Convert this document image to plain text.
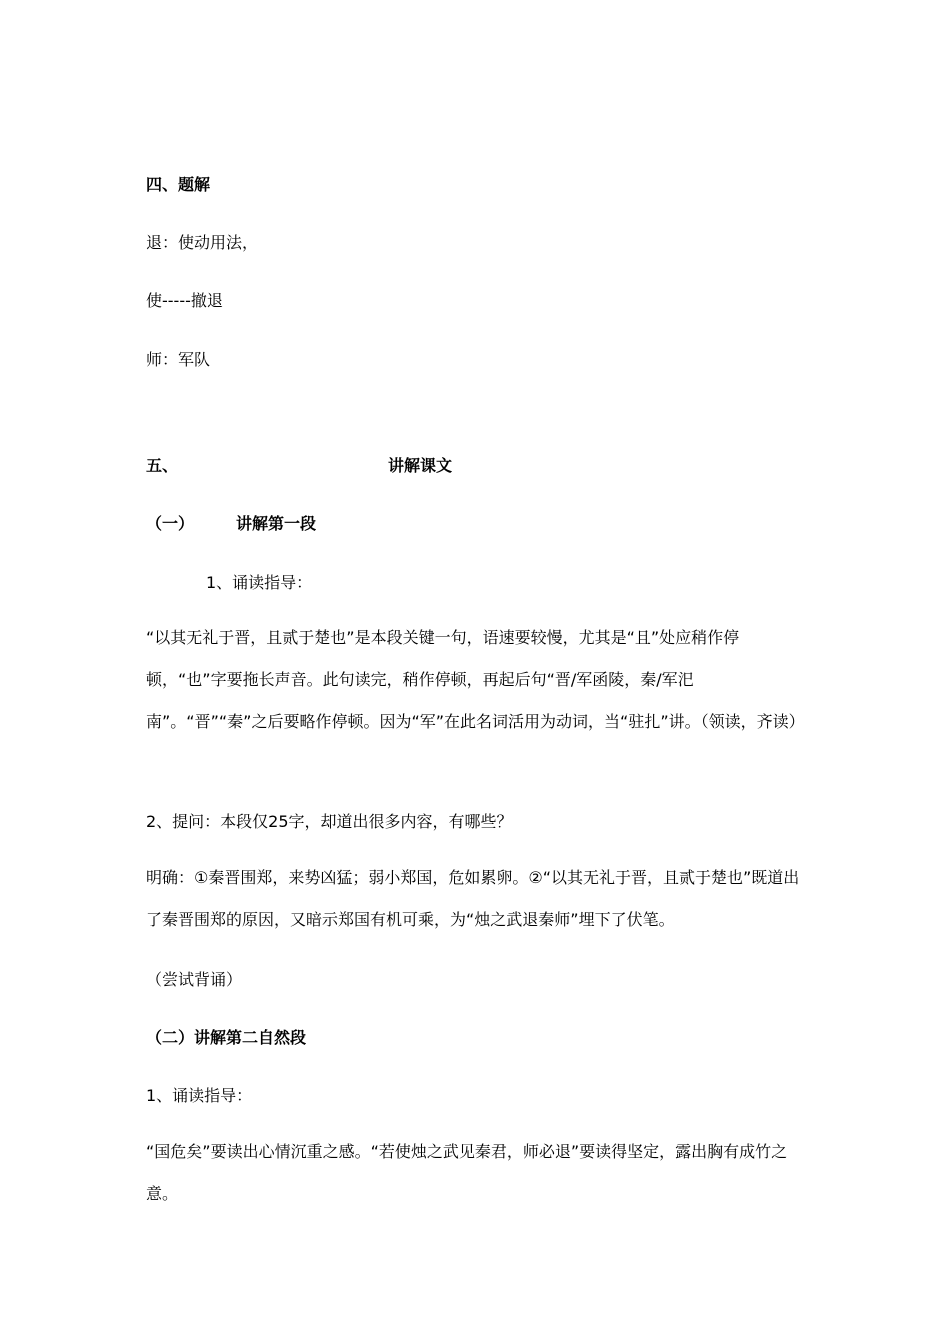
四、题解
退：使动用法，
使-----撤退
师：军队
五、	讲解课文
（一）	讲解第一段
1、诵读指导：
“以其无礼于晋，且贰于楚也”是本段关键一句，语速要较慢，尤其是“且”处应稍作停顿，“也”字要拖长声音。此句读完，稍作停顿，再起后句“晋/军函陵，秦/军汜南”。“晋”“秦”之后要略作停顿。因为“军”在此名词活用为动词，当“驻扎”讲。（领读，齐读）
2、提问：本段仅25字，却道出很多内容，有哪些？
明确：①秦晋围郑，来势凶猛；弱小郑国，危如累卵。②“以其无礼于晋，且贰于楚也”既道出了秦晋围郑的原因，又暗示郑国有机可乘，为“烛之武退秦师”埋下了伏笔。
（尝试背诵）
（二）讲解第二自然段
1、诵读指导：
“国危矣”要读出心情沉重之感。“若使烛之武见秦君，师必退”要读得坚定，露出胸有成竹之意。
